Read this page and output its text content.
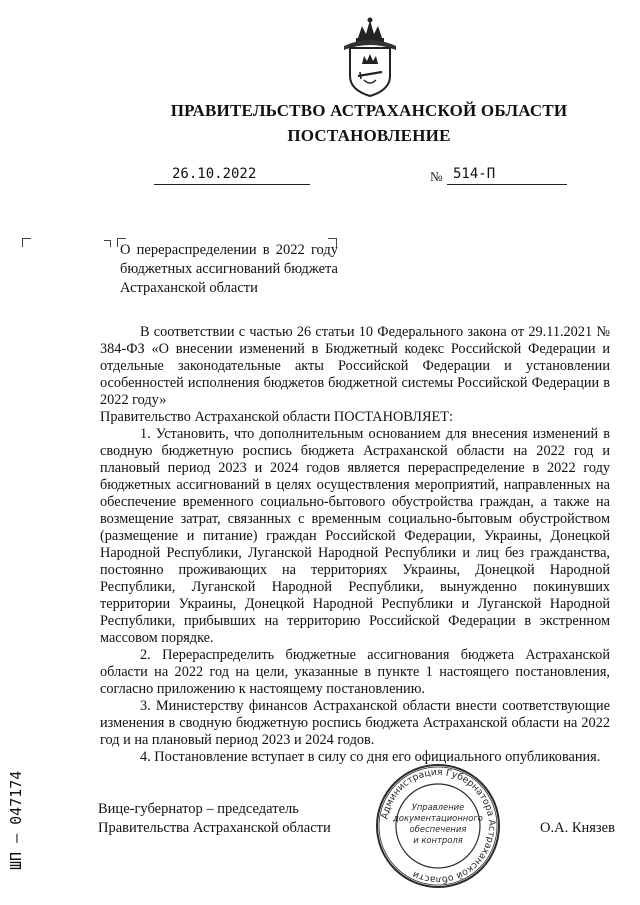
ПРАВИТЕЛЬСТВО АСТРАХАНСКОЙ ОБЛАСТИ
ПОСТАНОВЛЕНИЕ
26.10.2022	№ 514-П
О перераспределении в 2022 году бюджетных ассигнований бюджета Астраханской области

В соответствии с частью 26 статьи 10 Федерального закона от 29.11.2021 № 384-ФЗ «О внесении изменений в Бюджетный кодекс Российской Федерации и отдельные законодательные акты Российской Федерации и установлении особенностей исполнения бюджетов бюджетной системы Российской Федерации в 2022 году»

Правительство Астраханской области ПОСТАНОВЛЯЕТ:

1. Установить, что дополнительным основанием для внесения изменений в сводную бюджетную роспись бюджета Астраханской области на 2022 год и плановый период 2023 и 2024 годов является перераспределение в 2022 году бюджетных ассигнований в целях осуществления мероприятий, направленных на обеспечение временного социально-бытового обустройства граждан, а также на возмещение затрат, связанных с временным социально-бытовым обустройством (размещение и питание) граждан Российской Федерации, Украины, Донецкой Народной Республики, Луганской Народной Республики и лиц без гражданства, постоянно проживающих на территориях Украины, Донецкой Народной Республики, Луганской Народной Республики, вынужденно покинувших территории Украины, Донецкой Народной Республики и Луганской Народной Республики, прибывших на территорию Российской Федерации в экстренном массовом порядке.

2. Перераспределить бюджетные ассигнования бюджета Астраханской области на 2022 год на цели, указанные в пункте 1 настоящего постановления, согласно приложению к настоящему постановлению.

3. Министерству финансов Астраханской области внести соответствующие изменения в сводную бюджетную роспись бюджета Астраханской области на 2022 год и на плановый период 2023 и 2024 годов.

4. Постановление вступает в силу со дня его официального опубликования.

Вице-губернатор – председатель
Правительства Астраханской области	О.А. Князев
Администрация Губернатора Астраханской области
Управление
документационного
обеспечения
и контроля
ШП – 047174
